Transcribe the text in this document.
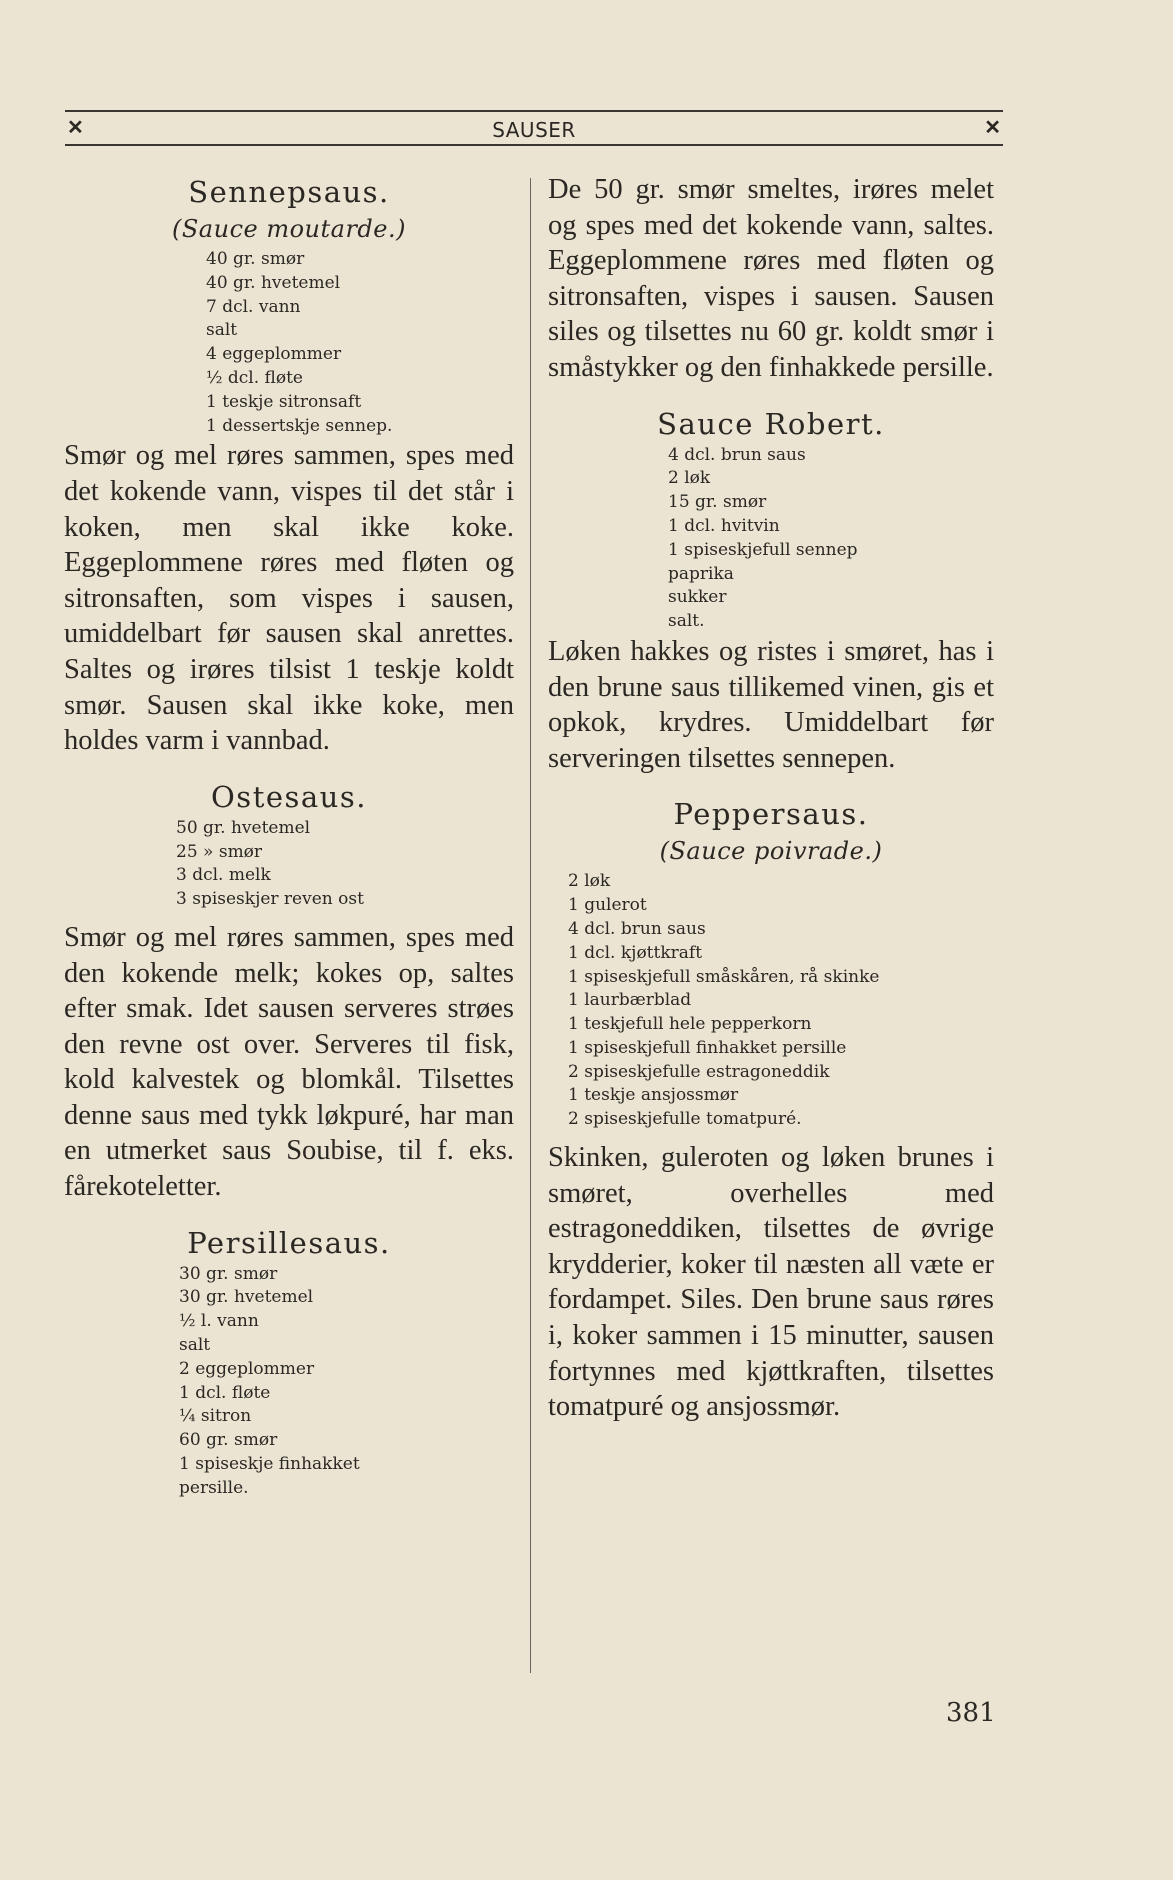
✕	SAUSER	✕
Sennepsaus.

(Sauce moutarde.)

40 gr. smør
40 gr. hvetemel
7 dcl. vann
salt
4 eggeplommer
½ dcl. fløte
1 teskje sitronsaft
1 dessertskje sennep.

Smør og mel røres sammen, spes med det kokende vann, vispes til det står i koken, men skal ikke koke. Eggeplommene røres med fløten og sitronsaften, som vispes i sausen, umiddelbart før sausen skal anrettes. Saltes og irøres tilsist 1 teskje koldt smør. Sausen skal ikke koke, men holdes varm i vannbad.

Ostesaus.
50 gr. hvetemel
25 » smør
3 dcl. melk
3 spiseskjer reven ost

Smør og mel røres sammen, spes med den kokende melk; kokes op, saltes efter smak. Idet sausen serveres strøes den revne ost over. Serveres til fisk, kold kalvestek og blomkål. Tilsettes denne saus med tykk løkpuré, har man en utmerket saus Soubise, til f. eks. fårekoteletter.

Persillesaus.
30 gr. smør
30 gr. hvetemel
½ l. vann
salt
2 eggeplommer
1 dcl. fløte
¼ sitron
60 gr. smør
1 spiseskje finhakket
persille.

De 50 gr. smør smeltes, irøres melet og spes med det kokende vann, saltes. Eggeplommene røres med fløten og sitronsaften, vispes i sausen. Sausen siles og tilsettes nu 60 gr. koldt smør i småstykker og den finhakkede persille.

Sauce Robert.
4 dcl. brun saus
2 løk
15 gr. smør
1 dcl. hvitvin
1 spiseskjefull sennep
paprika
sukker
salt.

Løken hakkes og ristes i smøret, has i den brune saus tillikemed vinen, gis et opkok, krydres. Umiddelbart før serveringen tilsettes sennepen.

Peppersaus.

(Sauce poivrade.)

2 løk
1 gulerot
4 dcl. brun saus
1 dcl. kjøttkraft
1 spiseskjefull småskåren, rå skinke
1 laurbærblad
1 teskjefull hele pepperkorn
1 spiseskjefull finhakket persille
2 spiseskjefulle estragoneddik
1 teskje ansjossmør
2 spiseskjefulle tomatpuré.

Skinken, guleroten og løken brunes i smøret, overhelles med estragoneddiken, tilsettes de øvrige krydderier, koker til næsten all væte er fordampet. Siles. Den brune saus røres i, koker sammen i 15 minutter, sausen fortynnes med kjøttkraften, tilsettes tomatpuré og ansjossmør.

381
